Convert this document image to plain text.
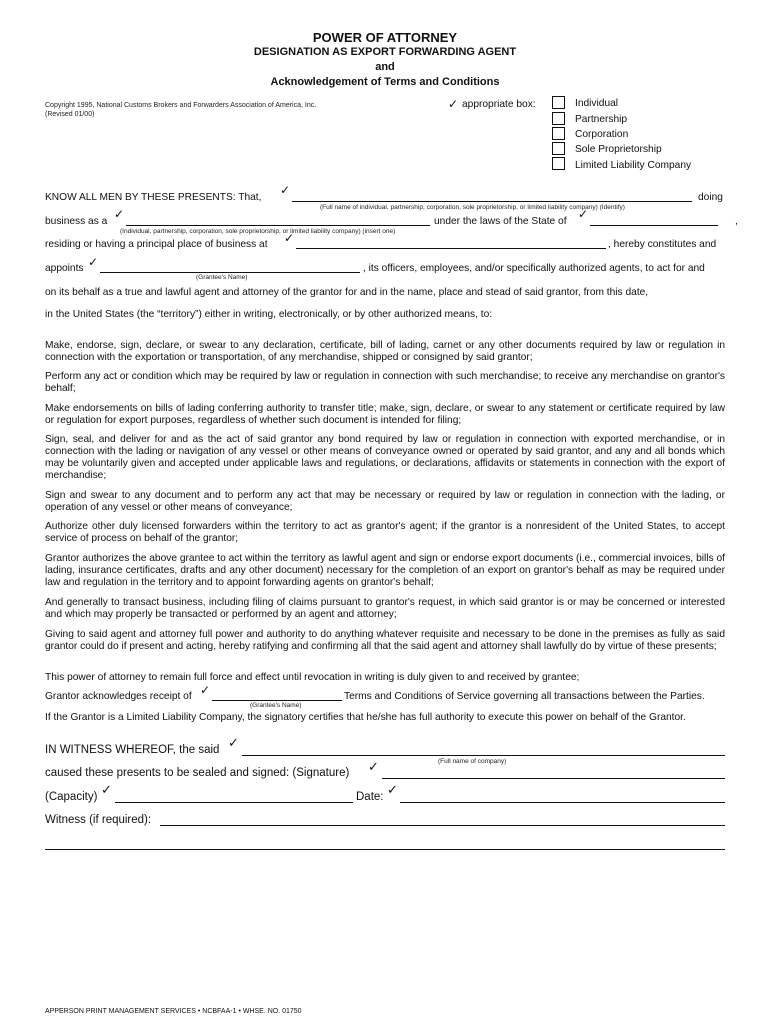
POWER OF ATTORNEY
DESIGNATION AS EXPORT FORWARDING AGENT
and
Acknowledgement of Terms and Conditions
Copyright 1995, National Customs Brokers and Forwarders Association of America, Inc.
(Revised 01/00)
✓ appropriate box:	Individual
Partnership
Corporation
Sole Proprietorship
Limited Liability Company
KNOW ALL MEN BY THESE PRESENTS: That,
✓
doing
(Full name of individual, partnership, corporation, sole proprietorship, or limited liability company) (Identify)
business as a
✓
under the laws of the State of
✓
,
(Individual, partnership, corporation, sole proprietorship, or limited liability company) (insert one)
residing or having a principal place of business at ✓	, hereby constitutes and
appoints ✓	, its officers, employees, and/or specifically authorized agents, to act for and
(Grantee's Name)
on its behalf as a true and lawful agent and attorney of the grantor for and in the name, place and stead of said grantor, from this date,
in the United States (the “territory”) either in writing, electronically, or by other authorized means, to:
Make, endorse, sign, declare, or swear to any declaration, certificate, bill of lading, carnet or any other documents required by law or regulation in connection with the exportation or transportation, of any merchandise, shipped or consigned by said grantor;
Perform any act or condition which may be required by law or regulation in connection with such merchandise; to receive any merchandise on grantor's behalf;
Make endorsements on bills of lading conferring authority to transfer title; make, sign, declare, or swear to any statement or certificate required by law or regulation for export purposes, regardless of whether such document is intended for filing;
Sign, seal, and deliver for and as the act of said grantor any bond required by law or regulation in connection with exported merchandise, or in connection with the lading or navigation of any vessel or other means of conveyance owned or operated by said grantor, and any and all bonds which may be voluntarily given and accepted under applicable laws and regulations, or declarations, affidavits or statements in connection with the export of merchandise;
Sign and swear to any document and to perform any act that may be necessary or required by law or regulation in connection with the lading, or operation of any vessel or other means of conveyance;
Authorize other duly licensed forwarders within the territory to act as grantor's agent; if the grantor is a nonresident of the United States, to accept service of process on behalf of the grantor;
Grantor authorizes the above grantee to act within the territory as lawful agent and sign or endorse export documents (i.e., commercial invoices, bills of lading, insurance certificates, drafts and any other document) necessary for the completion of an export on grantor's behalf as may be required under law and regulation in the territory and to appoint forwarding agents on grantor's behalf;
And generally to transact business, including filing of claims pursuant to grantor's request, in which said grantor is or may be concerned or interested and which may properly be transacted or performed by an agent and attorney;
Giving to said agent and attorney full power and authority to do anything whatever requisite and necessary to be done in the premises as fully as said grantor could do if present and acting, hereby ratifying and confirming all that the said agent and attorney shall lawfully do by virtue of these presents;
This power of attorney to remain full force and effect until revocation in writing is duly given to and received by grantee;
Grantor acknowledges receipt of ✓	Terms and Conditions of Service governing all transactions between the Parties.
(Grantee's Name)
If the Grantor is a Limited Liability Company, the signatory certifies that he/she has full authority to execute this power on behalf of the Grantor.
IN WITNESS WHEREOF, the said ✓
(Full name of company)
caused these presents to be sealed and signed: (Signature) ✓
(Capacity) ✓	Date: ✓
Witness (if required):
APPERSON PRINT MANAGEMENT SERVICES • NCBFAA-1 • WHSE. NO. 01750
